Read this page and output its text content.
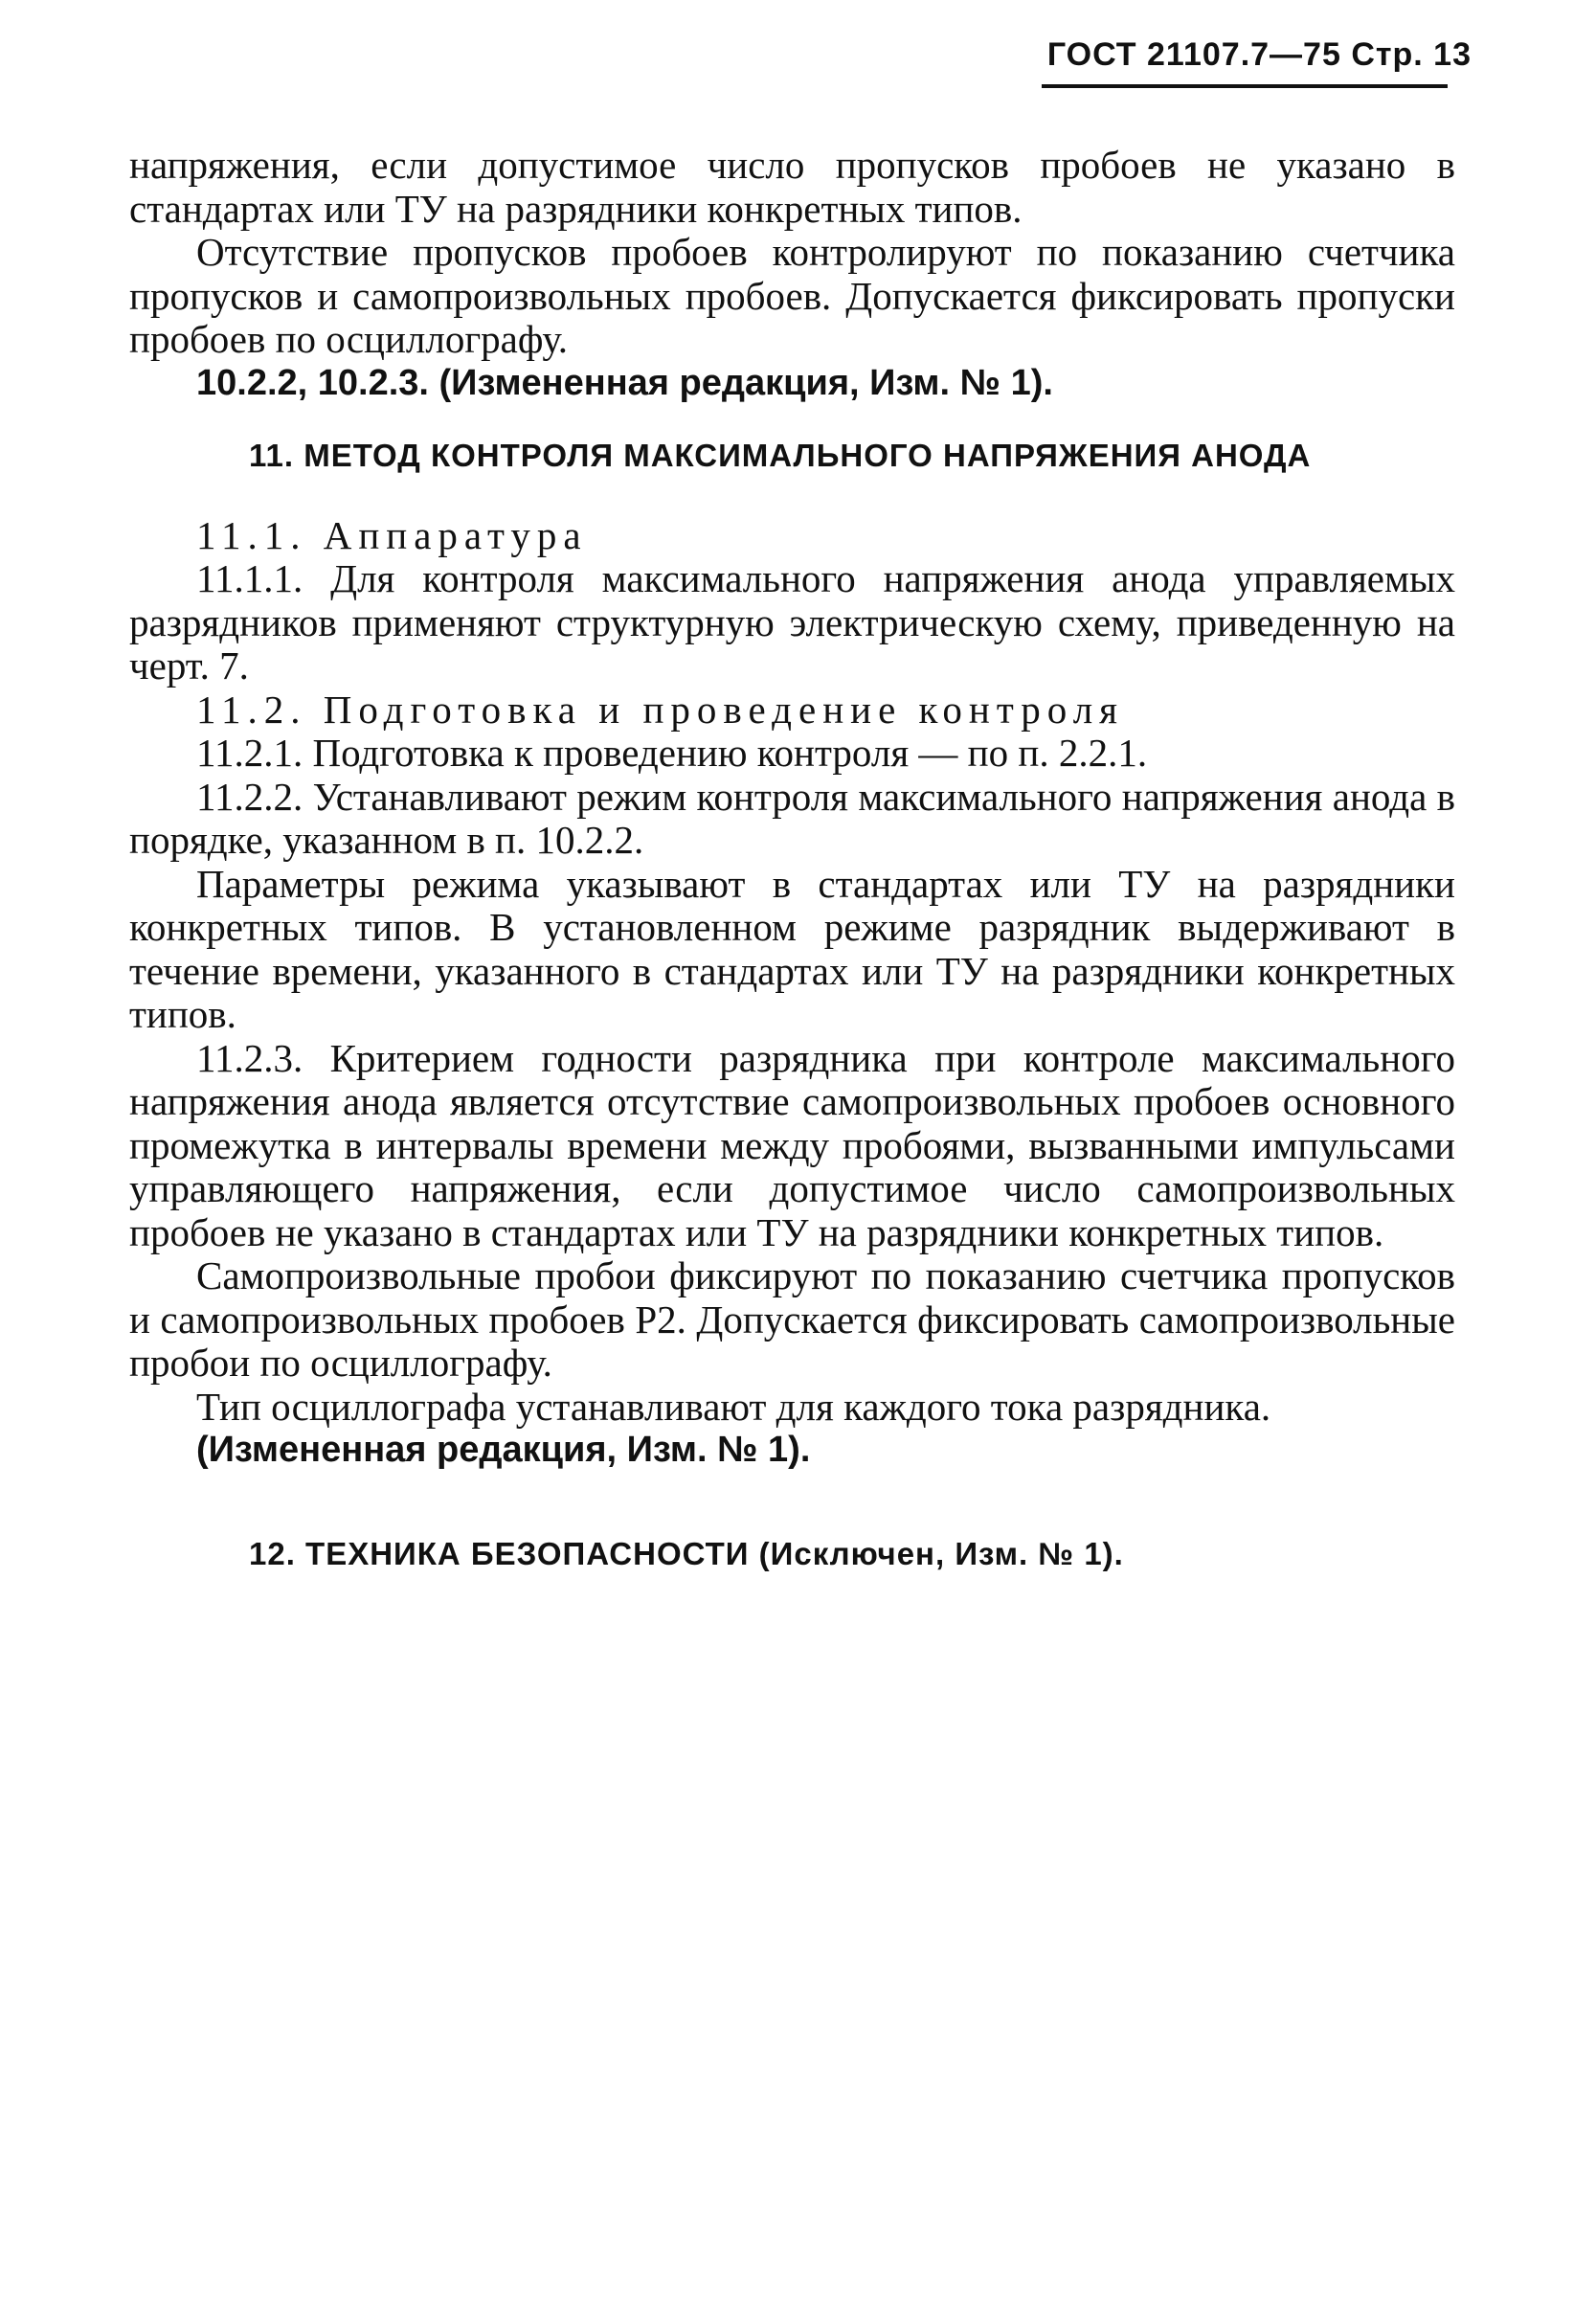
ГОСТ 21107.7—75 Стр. 13

напряжения, если допустимое число пропусков пробоев не указано в стандартах или ТУ на разрядники конкретных типов.

Отсутствие пропусков пробоев контролируют по показанию счетчика пропусков и самопроизвольных пробоев. Допускается фиксировать пропуски пробоев по осциллографу.

10.2.2, 10.2.3. (Измененная редакция, Изм. № 1).

11. МЕТОД КОНТРОЛЯ МАКСИМАЛЬНОГО НАПРЯЖЕНИЯ АНОДА

11.1. Аппаратура

11.1.1. Для контроля максимального напряжения анода управляемых разрядников применяют структурную электрическую схему, приведенную на черт. 7.

11.2. Подготовка и проведение контроля

11.2.1. Подготовка к проведению контроля — по п. 2.2.1.

11.2.2. Устанавливают режим контроля максимального напряжения анода в порядке, указанном в п. 10.2.2.

Параметры режима указывают в стандартах или ТУ на разрядники конкретных типов. В установленном режиме разрядник выдерживают в течение времени, указанного в стандартах или ТУ на разрядники конкретных типов.

11.2.3. Критерием годности разрядника при контроле максимального напряжения анода является отсутствие самопроизвольных пробоев основного промежутка в интервалы времени между пробоями, вызванными импульсами управляющего напряжения, если допустимое число самопроизвольных пробоев не указано в стандартах или ТУ на разрядники конкретных типов.

Самопроизвольные пробои фиксируют по показанию счетчика пропусков и самопроизвольных пробоев Р2. Допускается фиксировать самопроизвольные пробои по осциллографу.

Тип осциллографа устанавливают для каждого тока разрядника.

(Измененная редакция, Изм. № 1).

12. ТЕХНИКА БЕЗОПАСНОСТИ (Исключен, Изм. № 1).
